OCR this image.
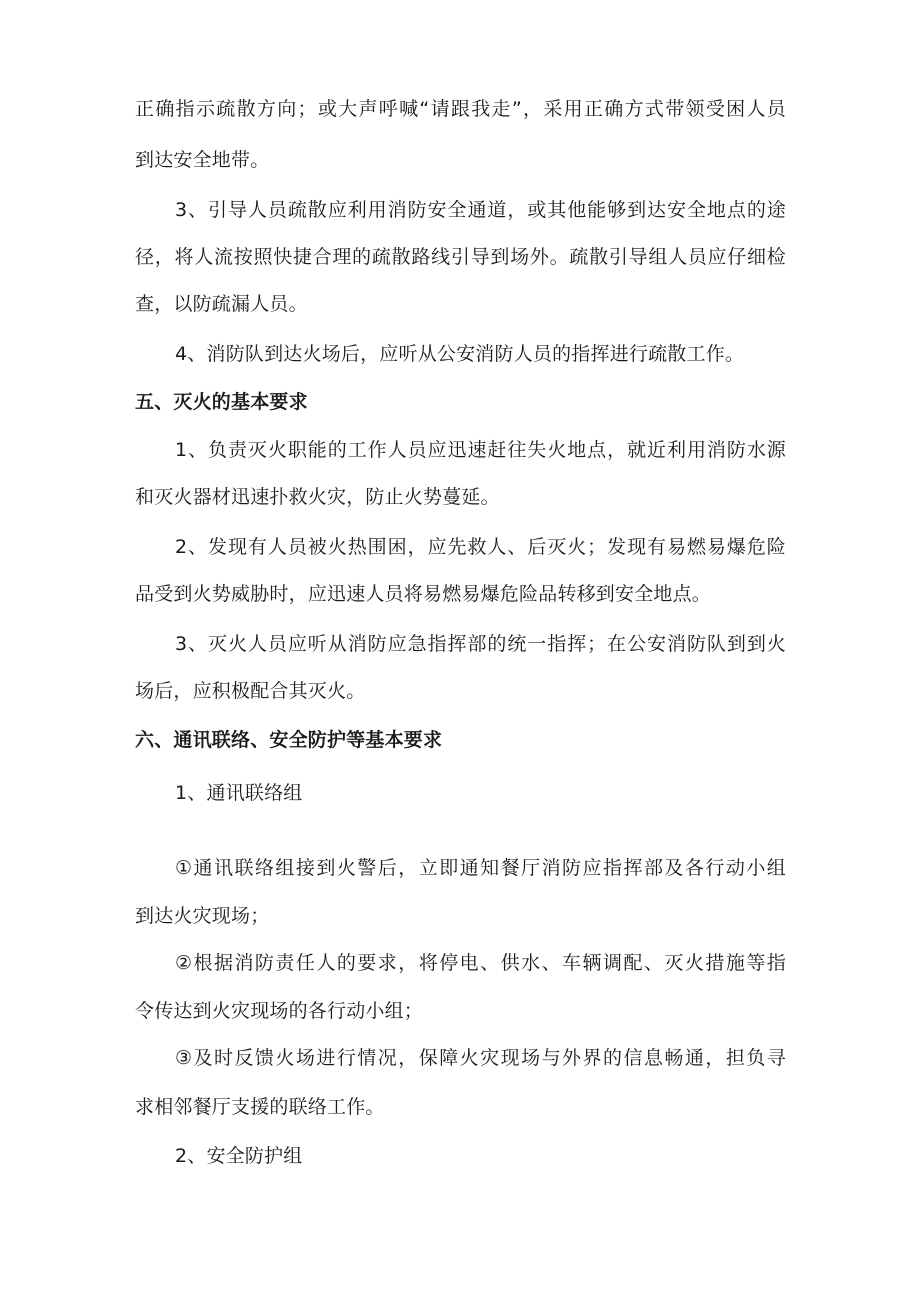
正确指示疏散方向；或大声呼喊“请跟我走”，采用正确方式带领受困人员
到达安全地带。
3、引导人员疏散应利用消防安全通道，或其他能够到达安全地点的途
径，将人流按照快捷合理的疏散路线引导到场外。疏散引导组人员应仔细检
查，以防疏漏人员。
4、消防队到达火场后，应听从公安消防人员的指挥进行疏散工作。
五、灭火的基本要求
1、负责灭火职能的工作人员应迅速赶往失火地点，就近利用消防水源
和灭火器材迅速扑救火灾，防止火势蔓延。
2、发现有人员被火热围困，应先救人、后灭火；发现有易燃易爆危险
品受到火势威胁时，应迅速人员将易燃易爆危险品转移到安全地点。
3、灭火人员应听从消防应急指挥部的统一指挥；在公安消防队到到火
场后，应积极配合其灭火。
六、通讯联络、安全防护等基本要求
1、通讯联络组
①通讯联络组接到火警后，立即通知餐厅消防应指挥部及各行动小组
到达火灾现场；
②根据消防责任人的要求，将停电、供水、车辆调配、灭火措施等指
令传达到火灾现场的各行动小组；
③及时反馈火场进行情况，保障火灾现场与外界的信息畅通，担负寻
求相邻餐厅支援的联络工作。
2、安全防护组
